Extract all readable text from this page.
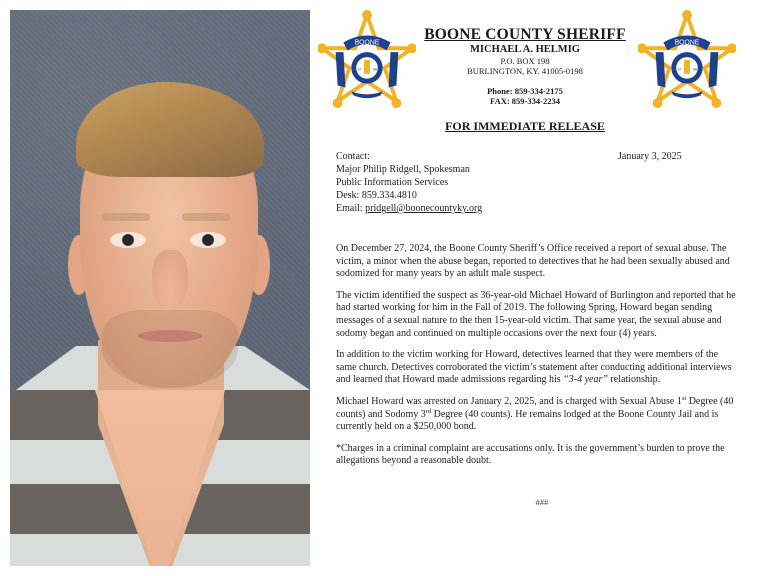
BOONE
17	98
BOONE
17	98
BOONE COUNTY SHERIFF
MICHAEL A. HELMIG
P.O. BOX 198
BURLINGTON, KY. 41005-0198
Phone: 859-334-2175
FAX: 859-334-2234
FOR IMMEDIATE RELEASE
Contact:
Major Philip Ridgell, Spokesman
Public Information Services
Desk: 859.334.4810
Email: pridgell@boonecountyky.org
January 3, 2025

On December 27, 2024, the Boone County Sheriff’s Office received a report of sexual abuse. The victim, a minor when the abuse began, reported to detectives that he had been sexually abused and sodomized for many years by an adult male suspect.

The victim identified the suspect as 36-year-old Michael Howard of Burlington and reported that he had started working for him in the Fall of 2019. The following Spring, Howard began sending messages of a sexual nature to the then 15-year-old victim. That same year, the sexual abuse and sodomy began and continued on multiple occasions over the next four (4) years.

In addition to the victim working for Howard, detectives learned that they were members of the same church. Detectives corroborated the victim’s statement after conducting additional interviews and learned that Howard made admissions regarding his “3-4 year” relationship.

Michael Howard was arrested on January 2, 2025, and is charged with Sexual Abuse 1st Degree (40 counts) and Sodomy 3rd Degree (40 counts). He remains lodged at the Boone County Jail and is currently held on a $250,000 bond.

*Charges in a criminal complaint are accusations only. It is the government’s burden to prove the allegations beyond a reasonable doubt.

###
